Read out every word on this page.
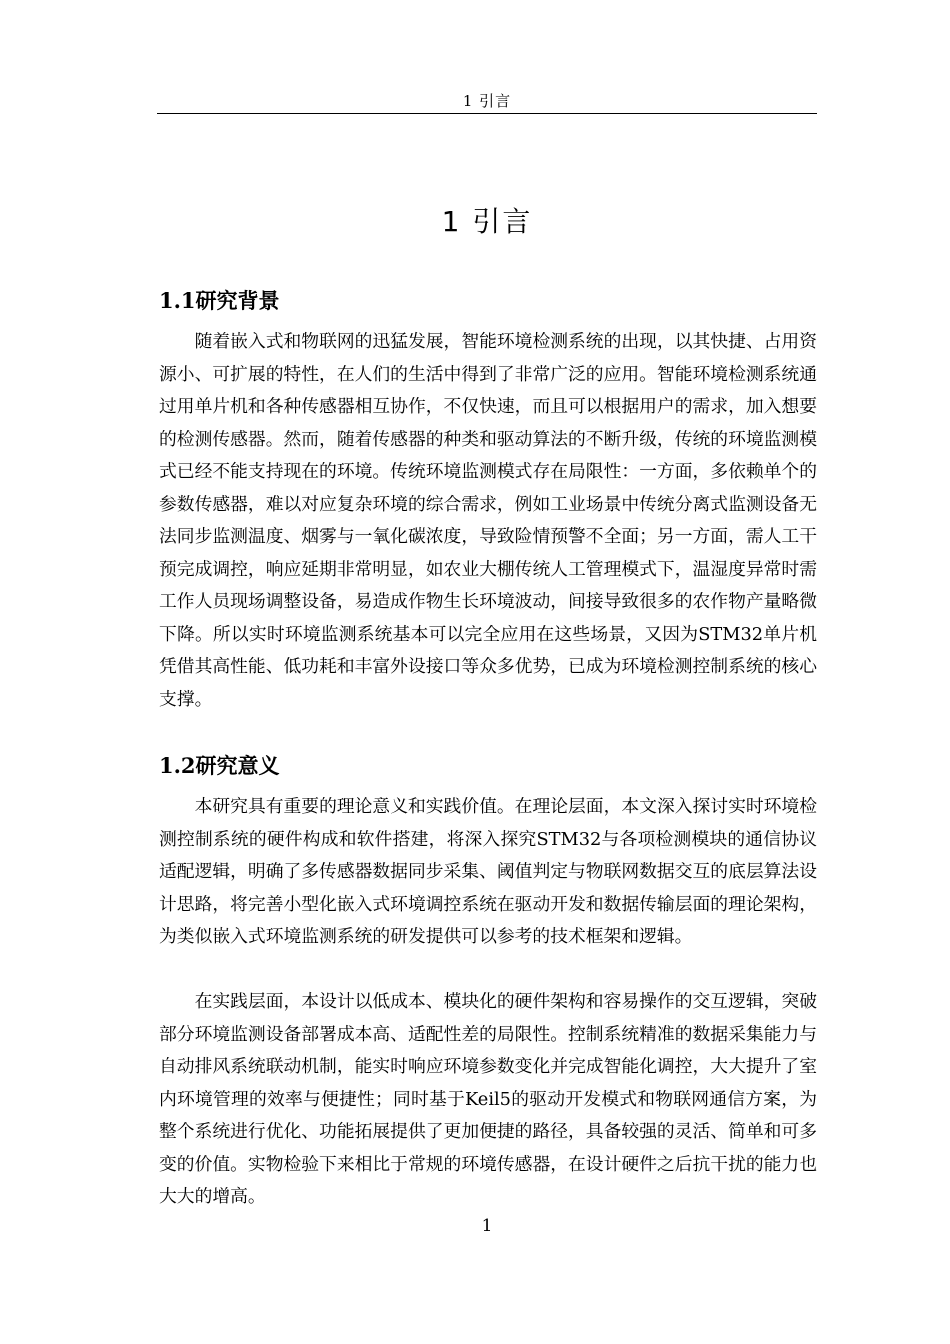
1 引言
1 引言
1.1研究背景
随着嵌入式和物联网的迅猛发展，智能环境检测系统的出现，以其快捷、占用资源小、可扩展的特性，在人们的生活中得到了非常广泛的应用。智能环境检测系统通过用单片机和各种传感器相互协作，不仅快速，而且可以根据用户的需求，加入想要的检测传感器。然而，随着传感器的种类和驱动算法的不断升级，传统的环境监测模式已经不能支持现在的环境。传统环境监测模式存在局限性：一方面，多依赖单个的参数传感器，难以对应复杂环境的综合需求，例如工业场景中传统分离式监测设备无法同步监测温度、烟雾与一氧化碳浓度，导致险情预警不全面；另一方面，需人工干预完成调控，响应延期非常明显，如农业大棚传统人工管理模式下，温湿度异常时需工作人员现场调整设备，易造成作物生长环境波动，间接导致很多的农作物产量略微下降。所以实时环境监测系统基本可以完全应用在这些场景，又因为STM32单片机凭借其高性能、低功耗和丰富外设接口等众多优势，已成为环境检测控制系统的核心支撑。
1.2研究意义
本研究具有重要的理论意义和实践价值。在理论层面，本文深入探讨实时环境检测控制系统的硬件构成和软件搭建，将深入探究STM32与各项检测模块的通信协议适配逻辑，明确了多传感器数据同步采集、阈值判定与物联网数据交互的底层算法设计思路，将完善小型化嵌入式环境调控系统在驱动开发和数据传输层面的理论架构，为类似嵌入式环境监测系统的研发提供可以参考的技术框架和逻辑。
在实践层面，本设计以低成本、模块化的硬件架构和容易操作的交互逻辑，突破部分环境监测设备部署成本高、适配性差的局限性。控制系统精准的数据采集能力与自动排风系统联动机制，能实时响应环境参数变化并完成智能化调控，大大提升了室内环境管理的效率与便捷性；同时基于Keil5的驱动开发模式和物联网通信方案，为整个系统进行优化、功能拓展提供了更加便捷的路径，具备较强的灵活、简单和可多变的价值。实物检验下来相比于常规的环境传感器，在设计硬件之后抗干扰的能力也大大的增高。
1
